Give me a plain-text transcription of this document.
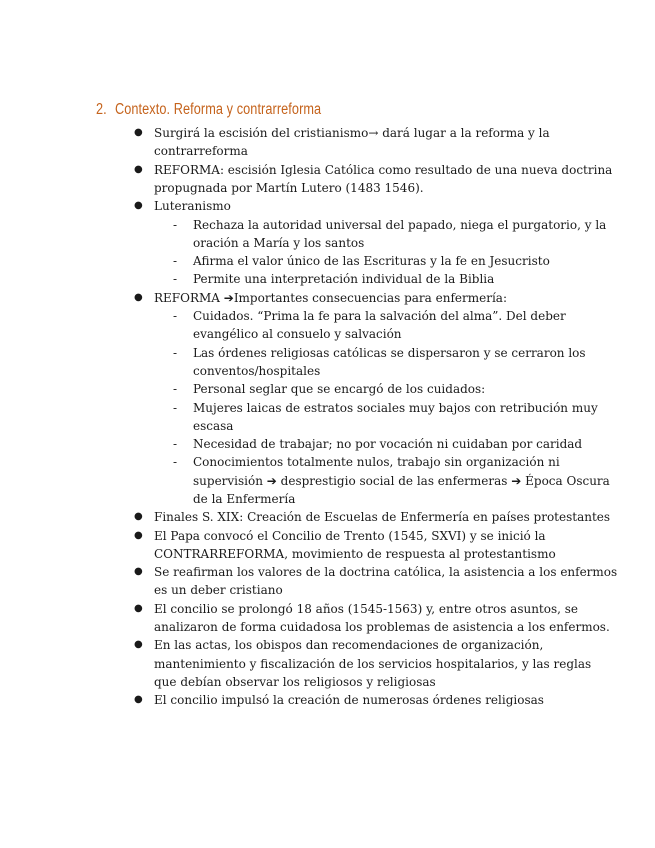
2. Contexto. Reforma y contrarreforma
● Surgirá la escisión del cristianismo→ dará lugar a la reforma y la
contrarreforma
● REFORMA: escisión Iglesia Católica como resultado de una nueva doctrina
propugnada por Martín Lutero (1483 1546).
● Luteranismo
- Rechaza la autoridad universal del papado, niega el purgatorio, y la
oración a María y los santos
- Afirma el valor único de las Escrituras y la fe en Jesucristo
- Permite una interpretación individual de la Biblia
● REFORMA ➔Importantes consecuencias para enfermería:
- Cuidados. “Prima la fe para la salvación del alma”. Del deber
evangélico al consuelo y salvación
- Las órdenes religiosas católicas se dispersaron y se cerraron los
conventos/hospitales
- Personal seglar que se encargó de los cuidados:
- Mujeres laicas de estratos sociales muy bajos con retribución muy
escasa
- Necesidad de trabajar; no por vocación ni cuidaban por caridad
- Conocimientos totalmente nulos, trabajo sin organización ni
supervisión ➔ desprestigio social de las enfermeras ➔ Época Oscura
de la Enfermería
● Finales S. XIX: Creación de Escuelas de Enfermería en países protestantes
● El Papa convocó el Concilio de Trento (1545, SXVI) y se inició la
CONTRARREFORMA, movimiento de respuesta al protestantismo
● Se reafirman los valores de la doctrina católica, la asistencia a los enfermos
es un deber cristiano
● El concilio se prolongó 18 años (1545-1563) y, entre otros asuntos, se
analizaron de forma cuidadosa los problemas de asistencia a los enfermos.
● En las actas, los obispos dan recomendaciones de organización,
mantenimiento y fiscalización de los servicios hospitalarios, y las reglas
que debían observar los religiosos y religiosas
● El concilio impulsó la creación de numerosas órdenes religiosas
